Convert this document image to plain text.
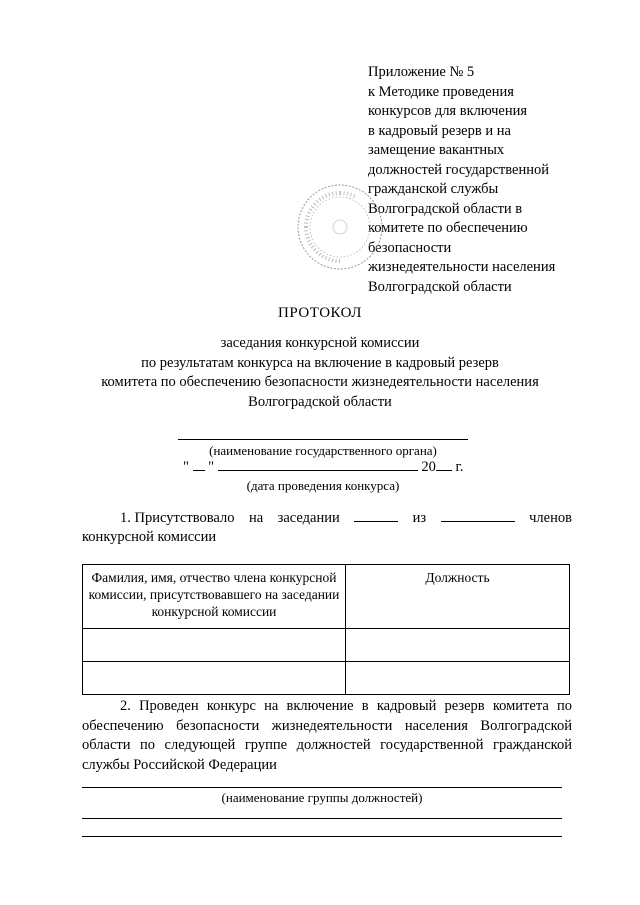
Приложение № 5
к Методике проведения
конкурсов для включения
в кадровый резерв и на
замещение вакантных
должностей государственной
гражданской службы
Волгоградской области в
комитете по обеспечению
безопасности
жизнедеятельности населения
Волгоградской области
ПРОТОКОЛ
заседания конкурсной комиссии
по результатам конкурса на включение в кадровый резерв
комитета по обеспечению безопасности жизнедеятельности населения
Волгоградской области
(наименование государственного органа)
" "	20 г.
(дата проведения конкурса)
1. Присутствовало на заседании	из	членов
конкурсной комиссии
Фамилия, имя, отчество члена конкурсной комиссии, присутствовавшего на заседании конкурсной комиссии	Должность

2. Проведен конкурс на включение в кадровый резерв комитета по обеспечению безопасности жизнедеятельности населения Волгоградской области по следующей группе должностей государственной гражданской службы Российской Федерации

(наименование группы должностей)
